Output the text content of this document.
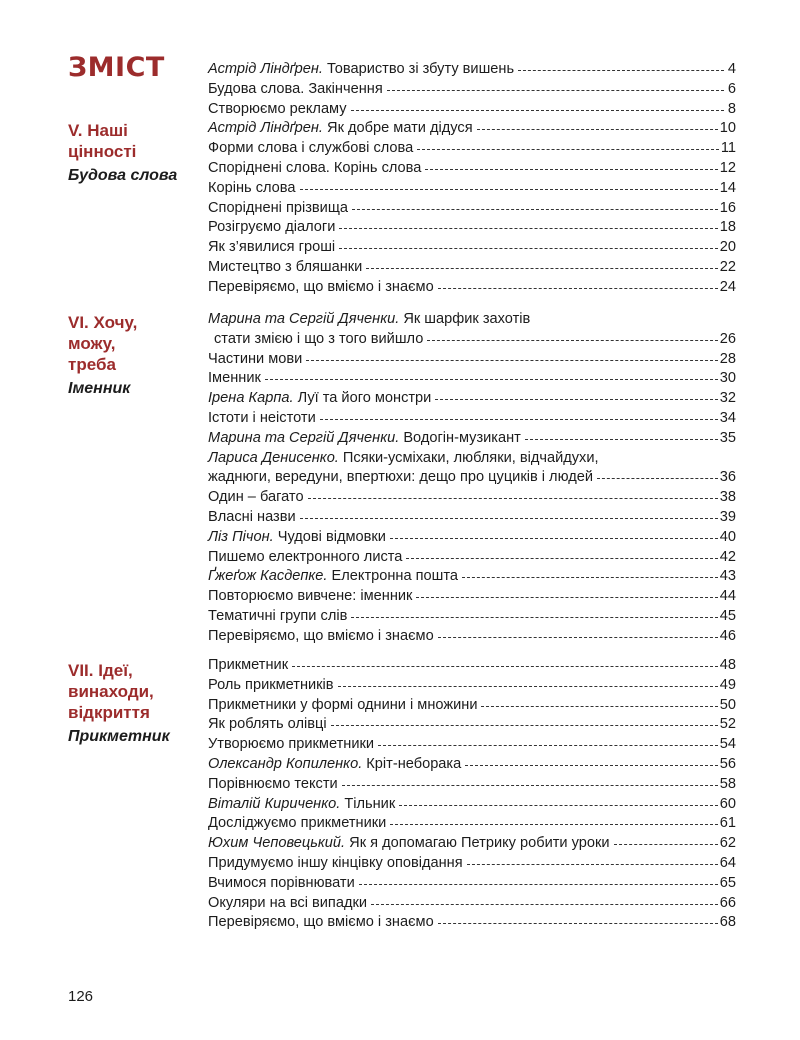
ЗМІСТ
V. Наші
цінності
Будова слова
Астрід Ліндґрен. Товариство зі збуту вишень	4
Будова слова. Закінчення	6
Створюємо рекламу	8
Астрід Ліндґрен. Як добре мати дідуся	10
Форми слова і службові слова	11
Споріднені слова. Корінь слова	12
Корінь слова	14
Споріднені прізвища	16
Розігруємо діалоги	18
Як з’явилися гроші	20
Мистецтво з бляшанки	22
Перевіряємо, що вміємо і знаємо	24
VI. Хочу,
можу,
треба
Іменник
Марина та Сергій Дяченки. Як шарфик захотів
стати змією і що з того вийшло	26
Частини мови	28
Іменник	30
Ірена Карпа. Луї та його монстри	32
Істоти і неістоти	34
Марина та Сергій Дяченки. Водогін-музикант	35
Лариса Денисенко. Псяки-усміхаки, любляки, відчайдухи,
жаднюги, вередуни, впертюхи: дещо про цуциків і людей	36
Один – багато	38
Власні назви	39
Ліз Пічон. Чудові відмовки	40
Пишемо електронного листа	42
Ґжеґож Касдепке. Електронна пошта	43
Повторюємо вивчене: іменник	44
Тематичні групи слів	45
Перевіряємо, що вміємо і знаємо	46
VII. Ідеї,
винаходи,
відкриття
Прикметник
Прикметник	48
Роль прикметників	49
Прикметники у формі однини і множини	50
Як роблять олівці	52
Утворюємо прикметники	54
Олександр Копиленко. Кріт-неборака	56
Порівнюємо тексти	58
Віталій Кириченко. Тільник	60
Досліджуємо прикметники	61
Юхим Чеповецький. Як я допомагаю Петрику робити уроки	62
Придумуємо іншу кінцівку оповідання	64
Вчимося порівнювати	65
Окуляри на всі випадки	66
Перевіряємо, що вміємо і знаємо	68
126
